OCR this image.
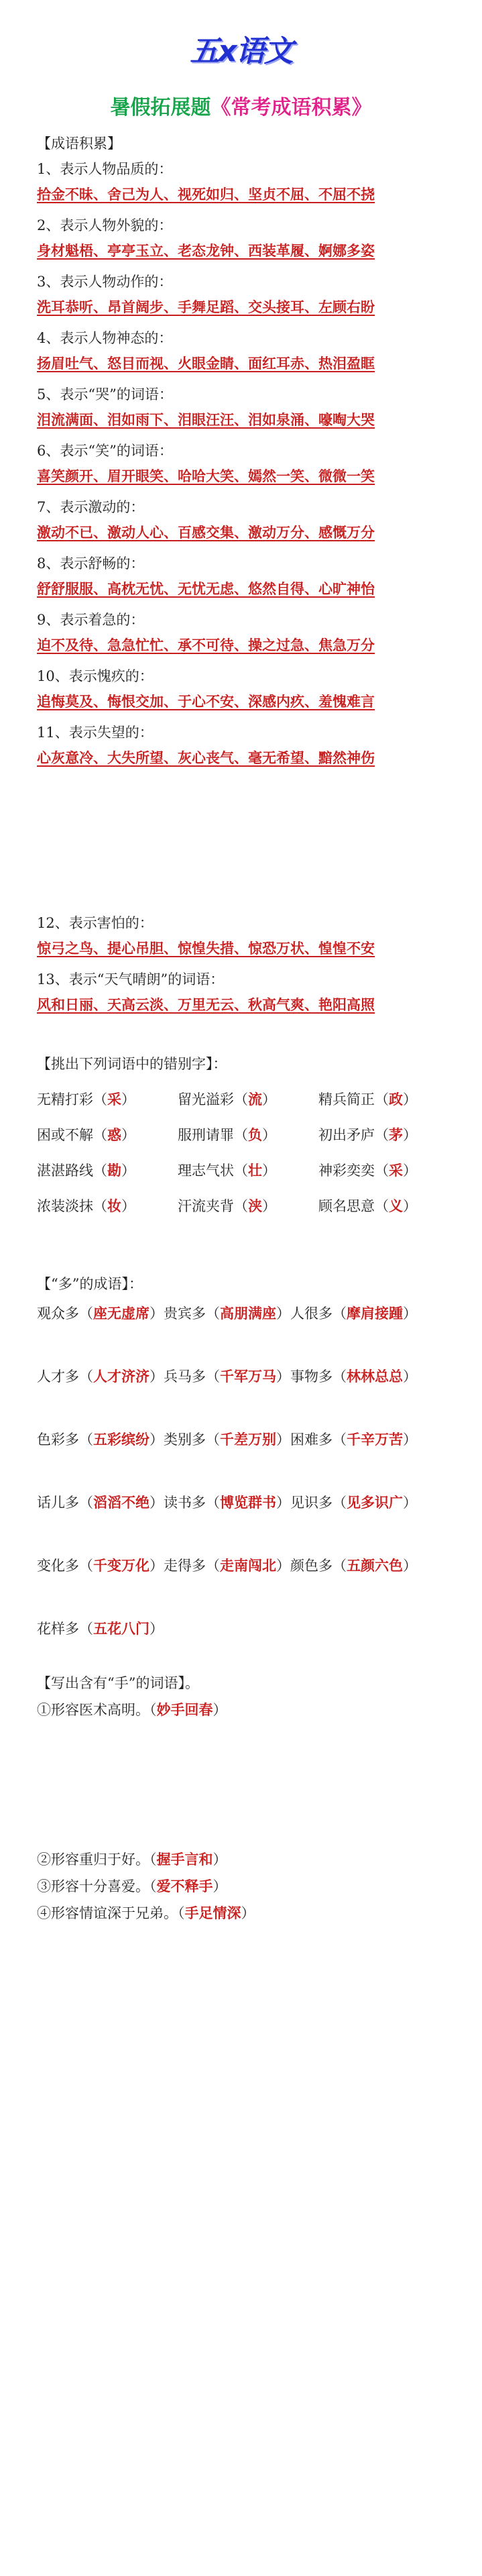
五ⅹ语文
暑假拓展题《常考成语积累》
【成语积累】
1、表示人物品质的：
拾金不昧、舍己为人、视死如归、坚贞不屈、不屈不挠
2、表示人物外貌的：
身材魁梧、亭亭玉立、老态龙钟、西装革履、婀娜多姿
3、表示人物动作的：
洗耳恭听、昂首阔步、手舞足蹈、交头接耳、左顾右盼
4、表示人物神态的：
扬眉吐气、怒目而视、火眼金睛、面红耳赤、热泪盈眶
5、表示“哭”的词语：
泪流满面、泪如雨下、泪眼汪汪、泪如泉涌、嚎啕大哭
6、表示“笑”的词语：
喜笑颜开、眉开眼笑、哈哈大笑、嫣然一笑、微微一笑
7、表示激动的：
激动不已、激动人心、百感交集、激动万分、感慨万分
8、表示舒畅的：
舒舒服服、高枕无忧、无忧无虑、悠然自得、心旷神怡
9、表示着急的：
迫不及待、急急忙忙、承不可待、操之过急、焦急万分
10、表示愧疚的：
追悔莫及、悔恨交加、于心不安、深感内疚、羞愧难言
11、表示失望的：
心灰意冷、大失所望、灰心丧气、毫无希望、黯然神伤
12、表示害怕的：
惊弓之鸟、提心吊胆、惊惶失措、惊恐万状、惶惶不安
13、表示“天气晴朗”的词语：
风和日丽、天高云淡、万里无云、秋高气爽、艳阳高照
【挑出下列词语中的错别字】：
无精打彩（采）	留光溢彩（流）	精兵简正（政）
困或不解（惑）	服刑请罪（负）	初出矛庐（茅）
湛湛路线（勘）	理志气状（壮）	神彩奕奕（采）
浓装淡抹（妆）	汗流夹背（浃）	顾名思意（义）
【“多”的成语】：
观众多（座无虚席）贵宾多（高朋满座）人很多（摩肩接踵）
人才多（人才济济）兵马多（千军万马）事物多（林林总总）
色彩多（五彩缤纷）类别多（千差万别）困难多（千辛万苦）
话儿多（滔滔不绝）读书多（博览群书）见识多（见多识广）
变化多（千变万化）走得多（走南闯北）颜色多（五颜六色）
花样多（五花八门）
【写出含有“手”的词语】。
①形容医术高明。（妙手回春）
②形容重归于好。（握手言和）
③形容十分喜爱。（爱不释手）
④形容情谊深于兄弟。（手足情深）
